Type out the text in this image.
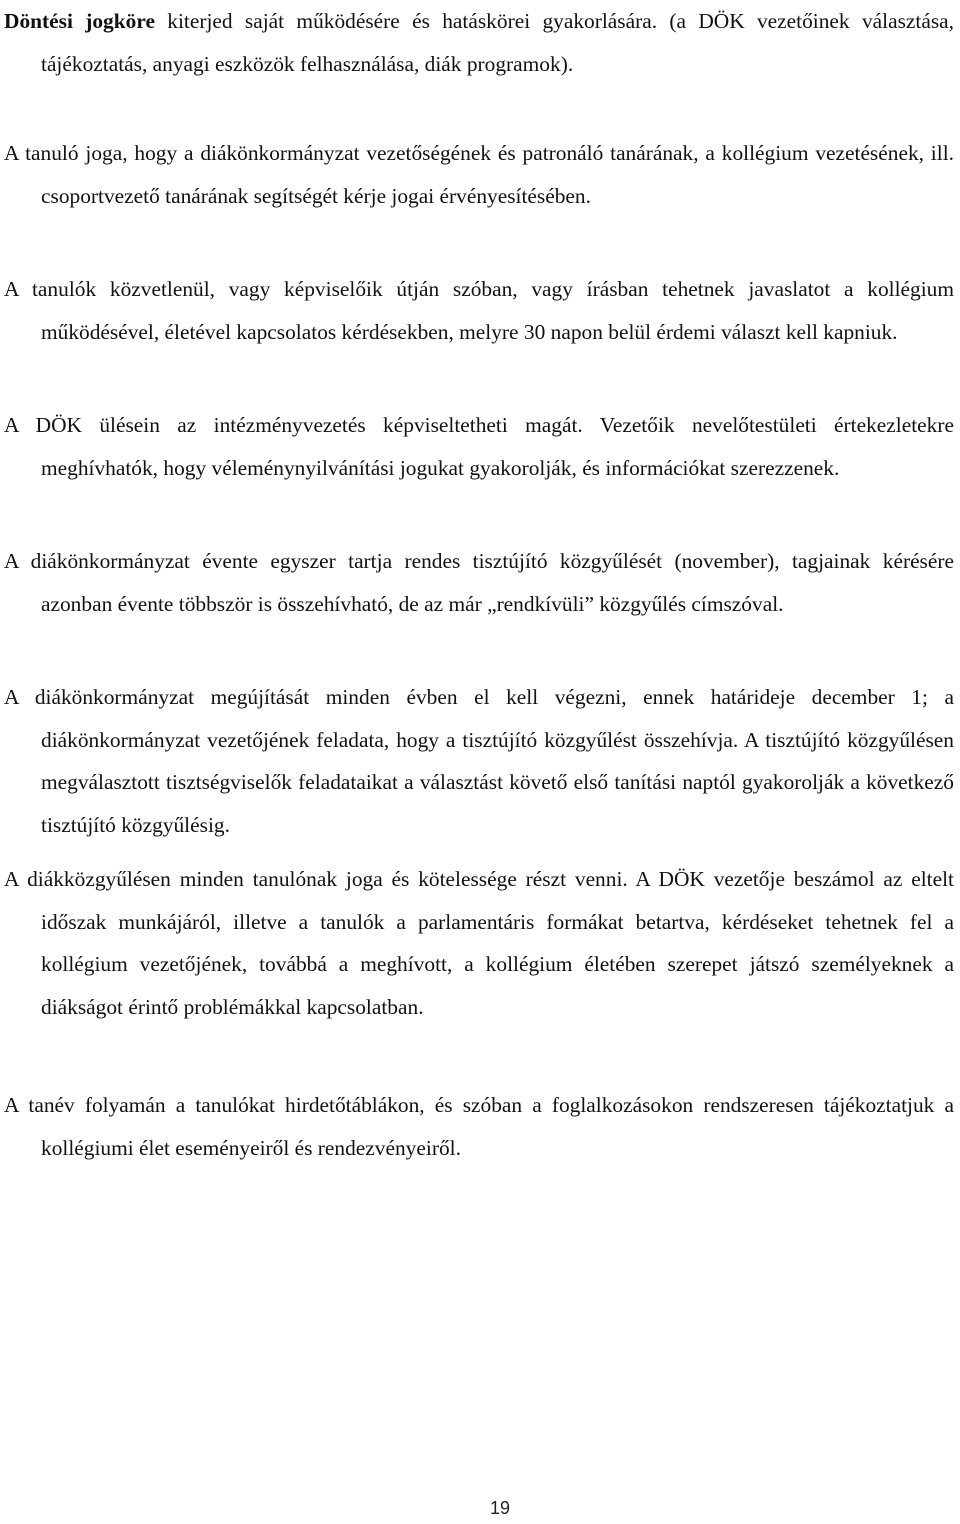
Döntési jogköre kiterjed saját működésére és hatáskörei gyakorlására. (a DÖK vezetőinek választása, tájékoztatás, anyagi eszközök felhasználása, diák programok).

A tanuló joga, hogy a diákönkormányzat vezetőségének és patronáló tanárának, a kollégium vezetésének, ill. csoportvezető tanárának segítségét kérje jogai érvényesítésében.

A tanulók közvetlenül, vagy képviselőik útján szóban, vagy írásban tehetnek javaslatot a kollégium működésével, életével kapcsolatos kérdésekben, melyre 30 napon belül érdemi választ kell kapniuk.

A DÖK ülésein az intézményvezetés képviseltetheti magát. Vezetőik nevelőtestületi értekezletekre meghívhatók, hogy véleménynyilvánítási jogukat gyakorolják, és információkat szerezzenek.

A diákönkormányzat évente egyszer tartja rendes tisztújító közgyűlését (november), tagjainak kérésére azonban évente többször is összehívható, de az már „rendkívüli” közgyűlés címszóval.

A diákönkormányzat megújítását minden évben el kell végezni, ennek határideje december 1; a diákönkormányzat vezetőjének feladata, hogy a tisztújító közgyűlést összehívja. A tisztújító közgyűlésen megválasztott tisztségviselők feladataikat a választást követő első tanítási naptól gyakorolják a következő tisztújító közgyűlésig.

A diákközgyűlésen minden tanulónak joga és kötelessége részt venni. A DÖK vezetője beszámol az eltelt időszak munkájáról, illetve a tanulók a parlamentáris formákat betartva, kérdéseket tehetnek fel a kollégium vezetőjének, továbbá a meghívott, a kollégium életében szerepet játszó személyeknek a diákságot érintő problémákkal kapcsolatban.

A tanév folyamán a tanulókat hirdetőtáblákon, és szóban a foglalkozásokon rendszeresen tájékoztatjuk a kollégiumi élet eseményeiről és rendezvényeiről.

19
